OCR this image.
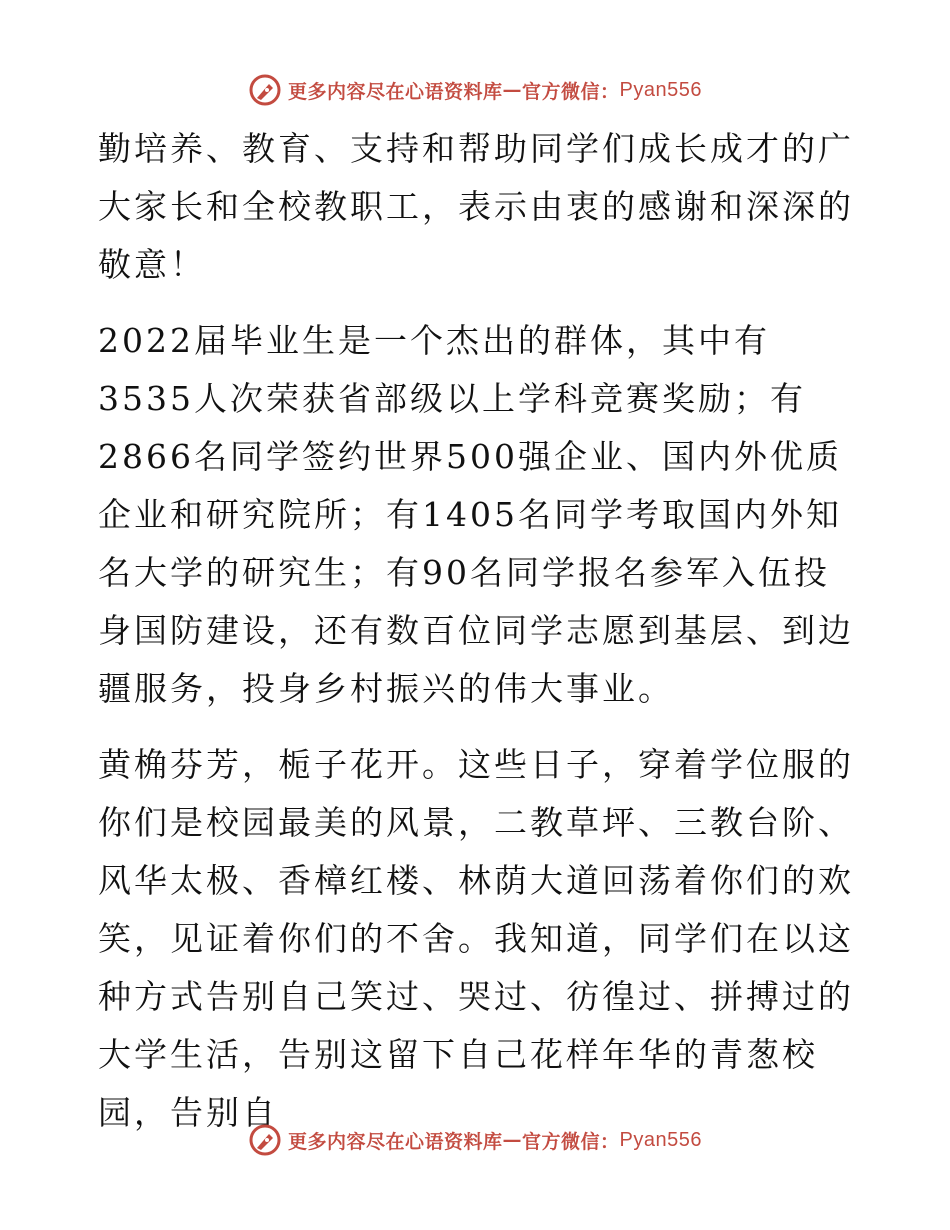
更多内容尽在心语资料库 — 官方微信： Pyan556

勤培养、教育、支持和帮助同学们成长成才的广大家长和全校教职工，表示由衷的感谢和深深的敬意！

2022届毕业生是一个杰出的群体，其中有3535人次荣获省部级以上学科竞赛奖励；有2866名同学签约世界500强企业、国内外优质企业和研究院所；有1405名同学考取国内外知名大学的研究生；有90名同学报名参军入伍投身国防建设，还有数百位同学志愿到基层、到边疆服务，投身乡村振兴的伟大事业。

黄桷芬芳，栀子花开。这些日子，穿着学位服的你们是校园最美的风景，二教草坪、三教台阶、风华太极、香樟红楼、林荫大道回荡着你们的欢笑，见证着你们的不舍。我知道，同学们在以这种方式告别自己笑过、哭过、彷徨过、拼搏过的大学生活，告别这留下自己花样年华的青葱校园，告别自

更多内容尽在心语资料库 — 官方微信： Pyan556
